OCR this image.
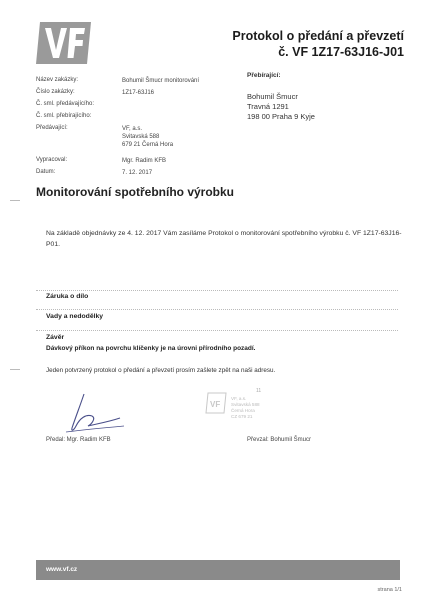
Protokol o předání a převzetí
č. VF 1Z17-63J16-J01
Přebírající:
Bohumil Šmucr
Travná 1291
198 00 Praha 9 Kyje
Název zakázky:	Bohumil Šmucr monitorování
Číslo zakázky:	1Z17-63J16
Č. sml. předávajícího:
Č. sml. přebírajícího:
Předávající:	VF, a.s.
Svitavská 588
679 21 Černá Hora
Vypracoval:	Mgr. Radim KFB
Datum:	7. 12. 2017
Monitorování spotřebního výrobku
Na základě objednávky ze 4. 12. 2017 Vám zasíláme Protokol o monitorování spotřebního výrobku č. VF 1Z17-63J16-P01.
Záruka o dílo
Vady a nedodělky
Závěr
Dávkový příkon na povrchu klíčenky je na úrovni přírodního pozadí.
Jeden potvrzený protokol o předání a převzetí prosím zašlete zpět na naši adresu.
VF
11
VF, a.s.
Svitavská 588
Černá Hora
CZ 679 21
Předal: Mgr. Radim KFB	Převzal: Bohumil Šmucr
www.vf.cz
strana 1/1
